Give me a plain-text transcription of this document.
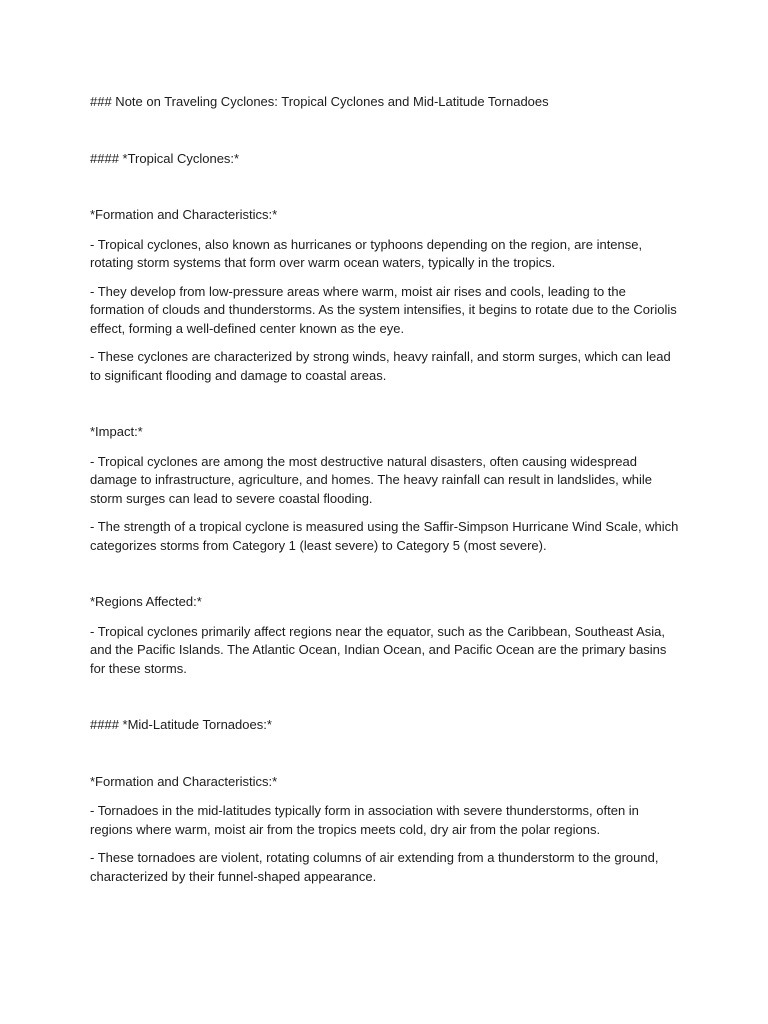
### Note on Traveling Cyclones: Tropical Cyclones and Mid-Latitude Tornadoes

#### *Tropical Cyclones:*

*Formation and Characteristics:*

- Tropical cyclones, also known as hurricanes or typhoons depending on the region, are intense, rotating storm systems that form over warm ocean waters, typically in the tropics.

- They develop from low-pressure areas where warm, moist air rises and cools, leading to the formation of clouds and thunderstorms. As the system intensifies, it begins to rotate due to the Coriolis effect, forming a well-defined center known as the eye.

- These cyclones are characterized by strong winds, heavy rainfall, and storm surges, which can lead to significant flooding and damage to coastal areas.

*Impact:*

- Tropical cyclones are among the most destructive natural disasters, often causing widespread damage to infrastructure, agriculture, and homes. The heavy rainfall can result in landslides, while storm surges can lead to severe coastal flooding.

- The strength of a tropical cyclone is measured using the Saffir-Simpson Hurricane Wind Scale, which categorizes storms from Category 1 (least severe) to Category 5 (most severe).

*Regions Affected:*

- Tropical cyclones primarily affect regions near the equator, such as the Caribbean, Southeast Asia, and the Pacific Islands. The Atlantic Ocean, Indian Ocean, and Pacific Ocean are the primary basins for these storms.

#### *Mid-Latitude Tornadoes:*

*Formation and Characteristics:*

- Tornadoes in the mid-latitudes typically form in association with severe thunderstorms, often in regions where warm, moist air from the tropics meets cold, dry air from the polar regions.

- These tornadoes are violent, rotating columns of air extending from a thunderstorm to the ground, characterized by their funnel-shaped appearance.
